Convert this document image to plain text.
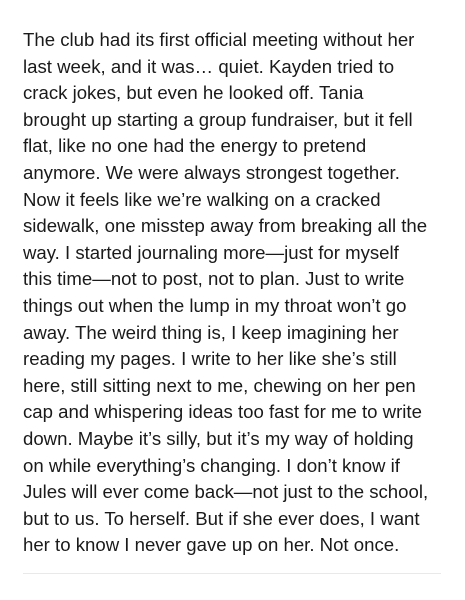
The club had its first official meeting without her
last week, and it was… quiet. Kayden tried to
crack jokes, but even he looked off. Tania
brought up starting a group fundraiser, but it fell
flat, like no one had the energy to pretend
anymore. We were always strongest together.
Now it feels like we’re walking on a cracked
sidewalk, one misstep away from breaking all the
way. I started journaling more—just for myself
this time—not to post, not to plan. Just to write
things out when the lump in my throat won’t go
away. The weird thing is, I keep imagining her
reading my pages. I write to her like she’s still
here, still sitting next to me, chewing on her pen
cap and whispering ideas too fast for me to write
down. Maybe it’s silly, but it’s my way of holding
on while everything’s changing. I don’t know if
Jules will ever come back—not just to the school,
but to us. To herself. But if she ever does, I want
her to know I never gave up on her. Not once.
